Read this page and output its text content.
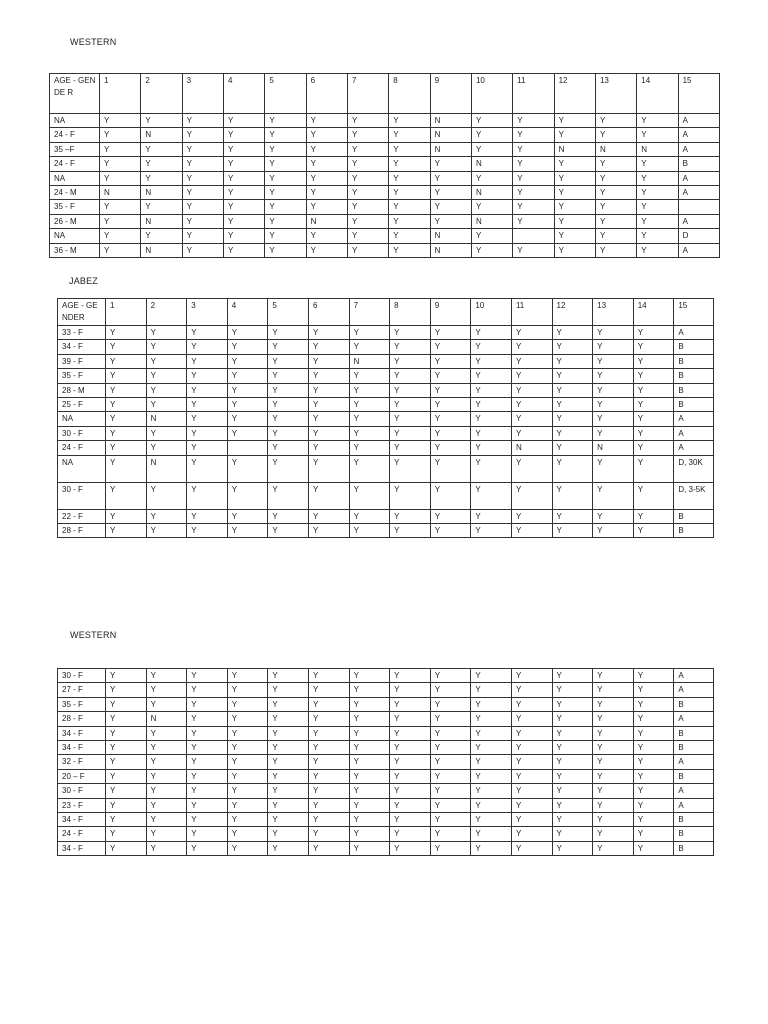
WESTERN
AGE - GENDE R	1	2	3	4	5	6	7	8	9	10	11	12	13	14	15
NA	Y	Y	Y	Y	Y	Y	Y	Y	N	Y	Y	Y	Y	Y	A
24 - F	Y	N	Y	Y	Y	Y	Y	Y	N	Y	Y	Y	Y	Y	A
35 –F	Y	Y	Y	Y	Y	Y	Y	Y	N	Y	Y	N	N	N	A
24 - F	Y	Y	Y	Y	Y	Y	Y	Y	Y	N	Y	Y	Y	Y	B
NA	Y	Y	Y	Y	Y	Y	Y	Y	Y	Y	Y	Y	Y	Y	A
24 - M	N	N	Y	Y	Y	Y	Y	Y	Y	N	Y	Y	Y	Y	A
35 - F	Y	Y	Y	Y	Y	Y	Y	Y	Y	Y	Y	Y	Y	Y	
26 - M	Y	N	Y	Y	Y	N	Y	Y	Y	N	Y	Y	Y	Y	A
NA	Y	Y	Y	Y	Y	Y	Y	Y	N	Y		Y	Y	Y	D
36 - M	Y	N	Y	Y	Y	Y	Y	Y	N	Y	Y	Y	Y	Y	A
JABEZ
AGE - GENDER	1	2	3	4	5	6	7	8	9	10	11	12	13	14	15
33 - F	Y	Y	Y	Y	Y	Y	Y	Y	Y	Y	Y	Y	Y	Y	A
34 - F	Y	Y	Y	Y	Y	Y	Y	Y	Y	Y	Y	Y	Y	Y	B
39 - F	Y	Y	Y	Y	Y	Y	N	Y	Y	Y	Y	Y	Y	Y	B
35 - F	Y	Y	Y	Y	Y	Y	Y	Y	Y	Y	Y	Y	Y	Y	B
28 - M	Y	Y	Y	Y	Y	Y	Y	Y	Y	Y	Y	Y	Y	Y	B
25 - F	Y	Y	Y	Y	Y	Y	Y	Y	Y	Y	Y	Y	Y	Y	B
NA	Y	N	Y	Y	Y	Y	Y	Y	Y	Y	Y	Y	Y	Y	A
30 - F	Y	Y	Y	Y	Y	Y	Y	Y	Y	Y	Y	Y	Y	Y	A
24 - F	Y	Y	Y		Y	Y	Y	Y	Y	Y	N	Y	N	Y	A
NA	Y	N	Y	Y	Y	Y	Y	Y	Y	Y	Y	Y	Y	Y	D, 30K
30 - F	Y	Y	Y	Y	Y	Y	Y	Y	Y	Y	Y	Y	Y	Y	D, 3-5K
22 - F	Y	Y	Y	Y	Y	Y	Y	Y	Y	Y	Y	Y	Y	Y	B
28 - F	Y	Y	Y	Y	Y	Y	Y	Y	Y	Y	Y	Y	Y	Y	B
WESTERN
30 - F	Y	Y	Y	Y	Y	Y	Y	Y	Y	Y	Y	Y	Y	Y	A
27 - F	Y	Y	Y	Y	Y	Y	Y	Y	Y	Y	Y	Y	Y	Y	A
35 - F	Y	Y	Y	Y	Y	Y	Y	Y	Y	Y	Y	Y	Y	Y	B
28 - F	Y	N	Y	Y	Y	Y	Y	Y	Y	Y	Y	Y	Y	Y	A
34 - F	Y	Y	Y	Y	Y	Y	Y	Y	Y	Y	Y	Y	Y	Y	B
34 - F	Y	Y	Y	Y	Y	Y	Y	Y	Y	Y	Y	Y	Y	Y	B
32 - F	Y	Y	Y	Y	Y	Y	Y	Y	Y	Y	Y	Y	Y	Y	A
20 – F	Y	Y	Y	Y	Y	Y	Y	Y	Y	Y	Y	Y	Y	Y	B
30 - F	Y	Y	Y	Y	Y	Y	Y	Y	Y	Y	Y	Y	Y	Y	A
23 - F	Y	Y	Y	Y	Y	Y	Y	Y	Y	Y	Y	Y	Y	Y	A
34 - F	Y	Y	Y	Y	Y	Y	Y	Y	Y	Y	Y	Y	Y	Y	B
24 - F	Y	Y	Y	Y	Y	Y	Y	Y	Y	Y	Y	Y	Y	Y	B
34 - F	Y	Y	Y	Y	Y	Y	Y	Y	Y	Y	Y	Y	Y	Y	B
